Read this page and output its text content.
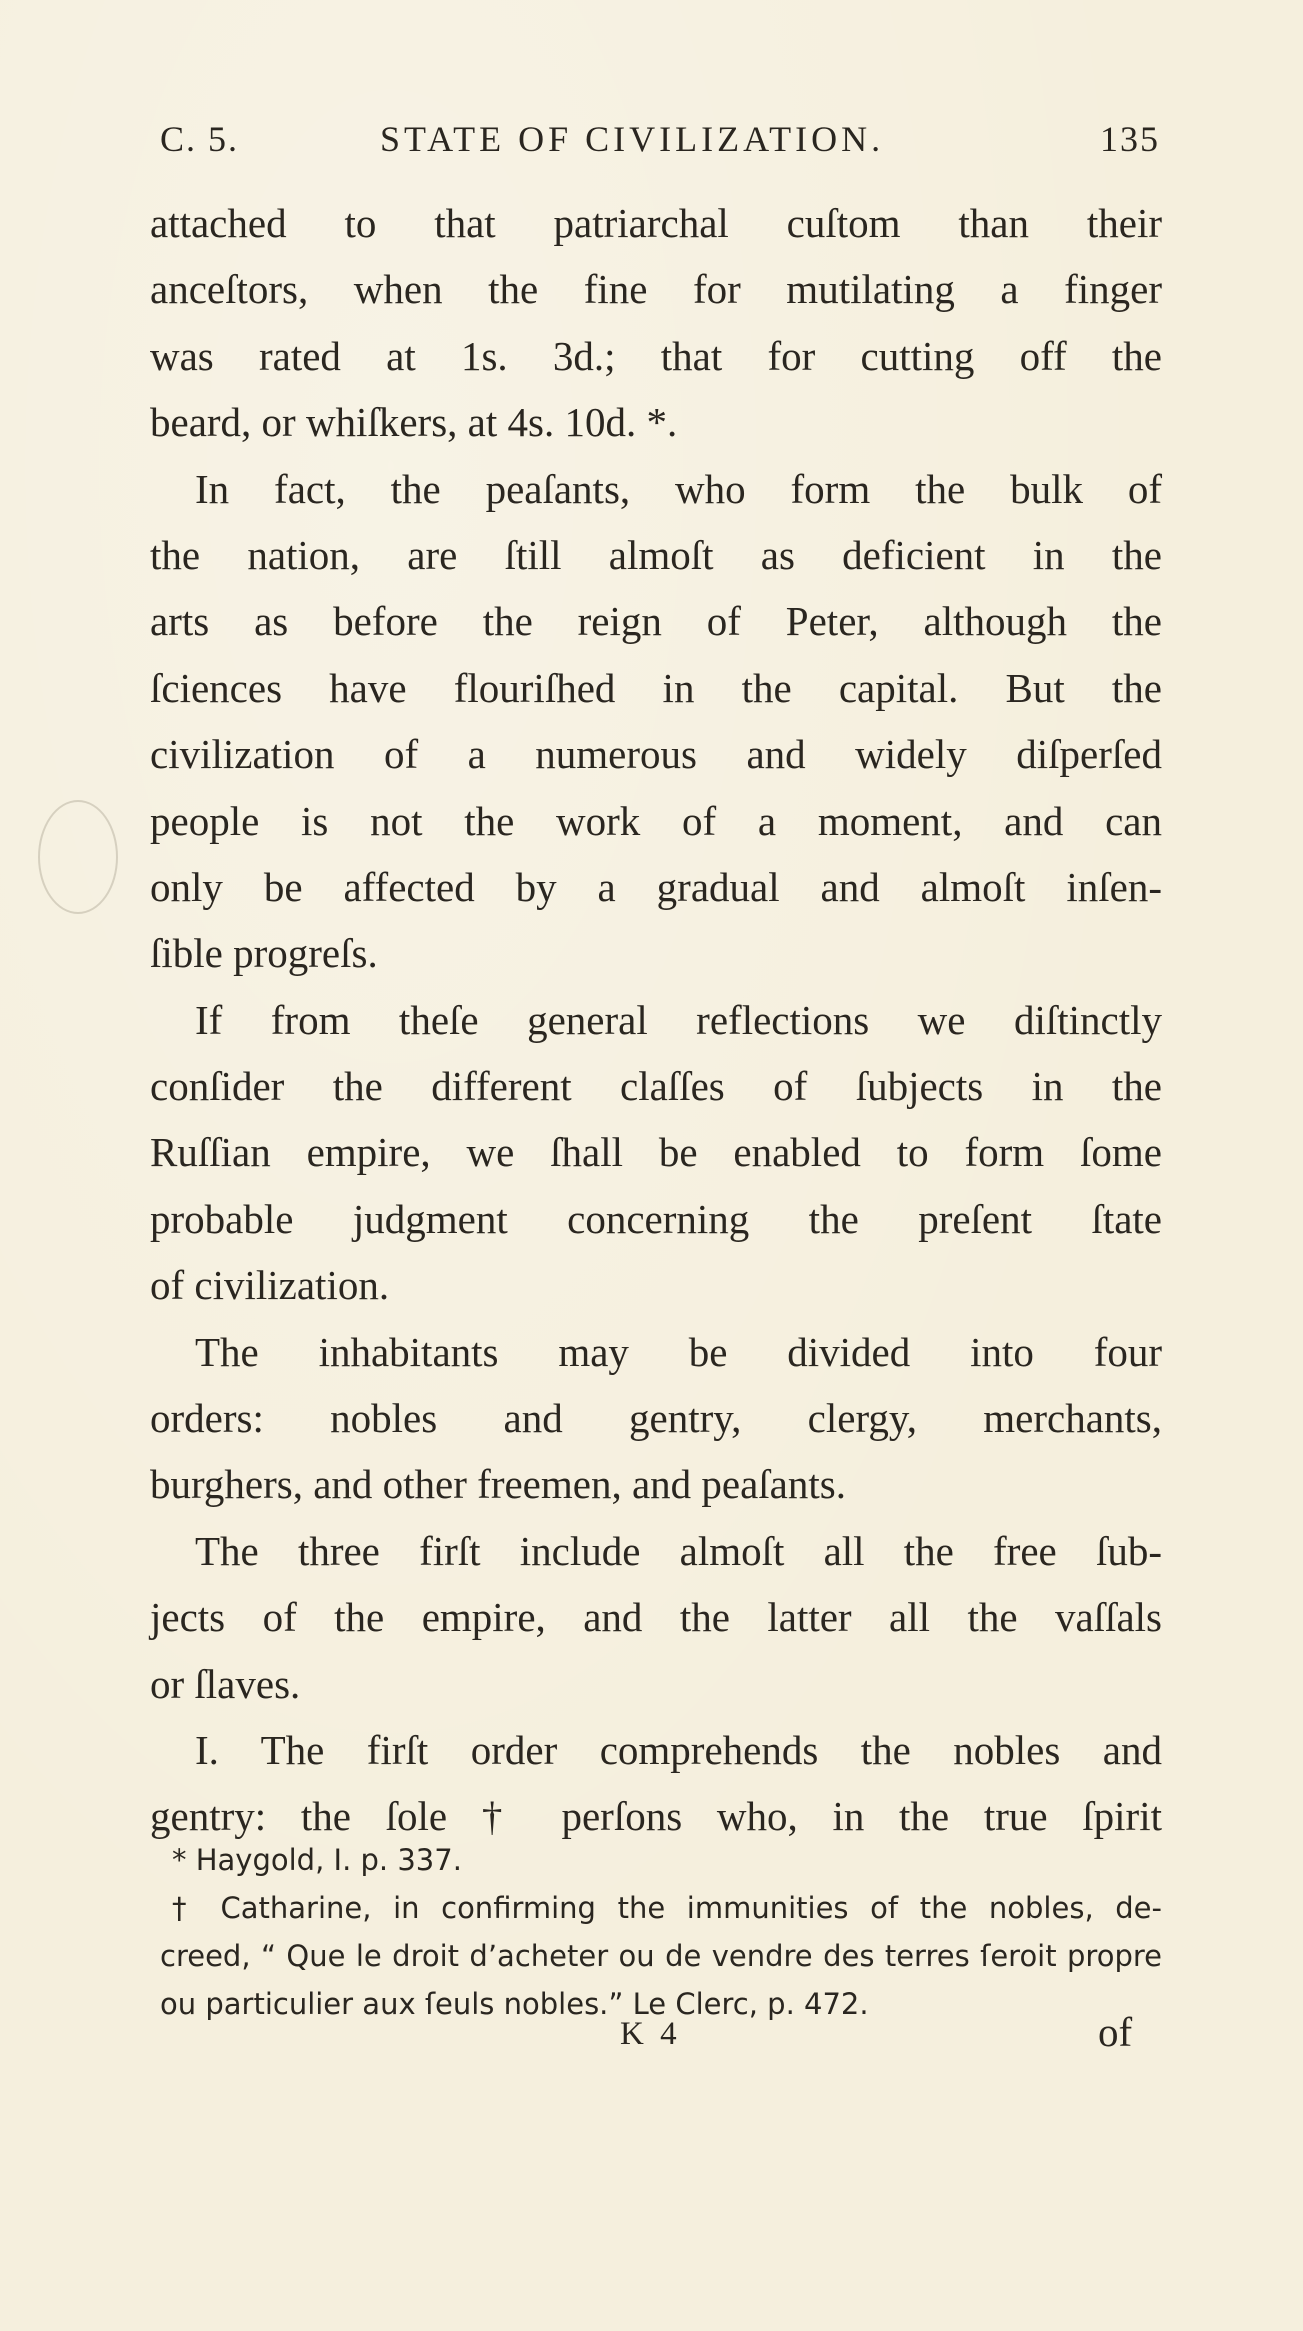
C. 5.	STATE OF CIVILIZATION.	135
attached to that patriarchal cuſtom than their
anceſtors, when the fine for mutilating a finger
was rated at 1s. 3d.; that for cutting off the
beard, or whiſkers, at 4s. 10d. *.
In fact, the peaſants, who form the bulk of
the nation, are ſtill almoſt as deficient in the
arts as before the reign of Peter, although the
ſciences have flouriſhed in the capital. But the
civilization of a numerous and widely diſperſed
people is not the work of a moment, and can
only be affected by a gradual and almoſt inſen-
ſible progreſs.
If from theſe general reflections we diſtinctly
conſider the different claſſes of ſubjects in the
Ruſſian empire, we ſhall be enabled to form ſome
probable judgment concerning the preſent ſtate
of civilization.
The inhabitants may be divided into four
orders: nobles and gentry, clergy, merchants,
burghers, and other freemen, and peaſants.
The three firſt include almoſt all the free ſub-
jects of the empire, and the latter all the vaſſals
or ſlaves.
I. The firſt order comprehends the nobles and
gentry: the ſole † perſons who, in the true ſpirit
* Haygold, I. p. 337.
† Catharine, in confirming the immunities of the nobles, de-
creed, “ Que le droit d’acheter ou de vendre des terres ſeroit propre
ou particulier aux ſeuls nobles.” Le Clerc, p. 472.
K 4	of
